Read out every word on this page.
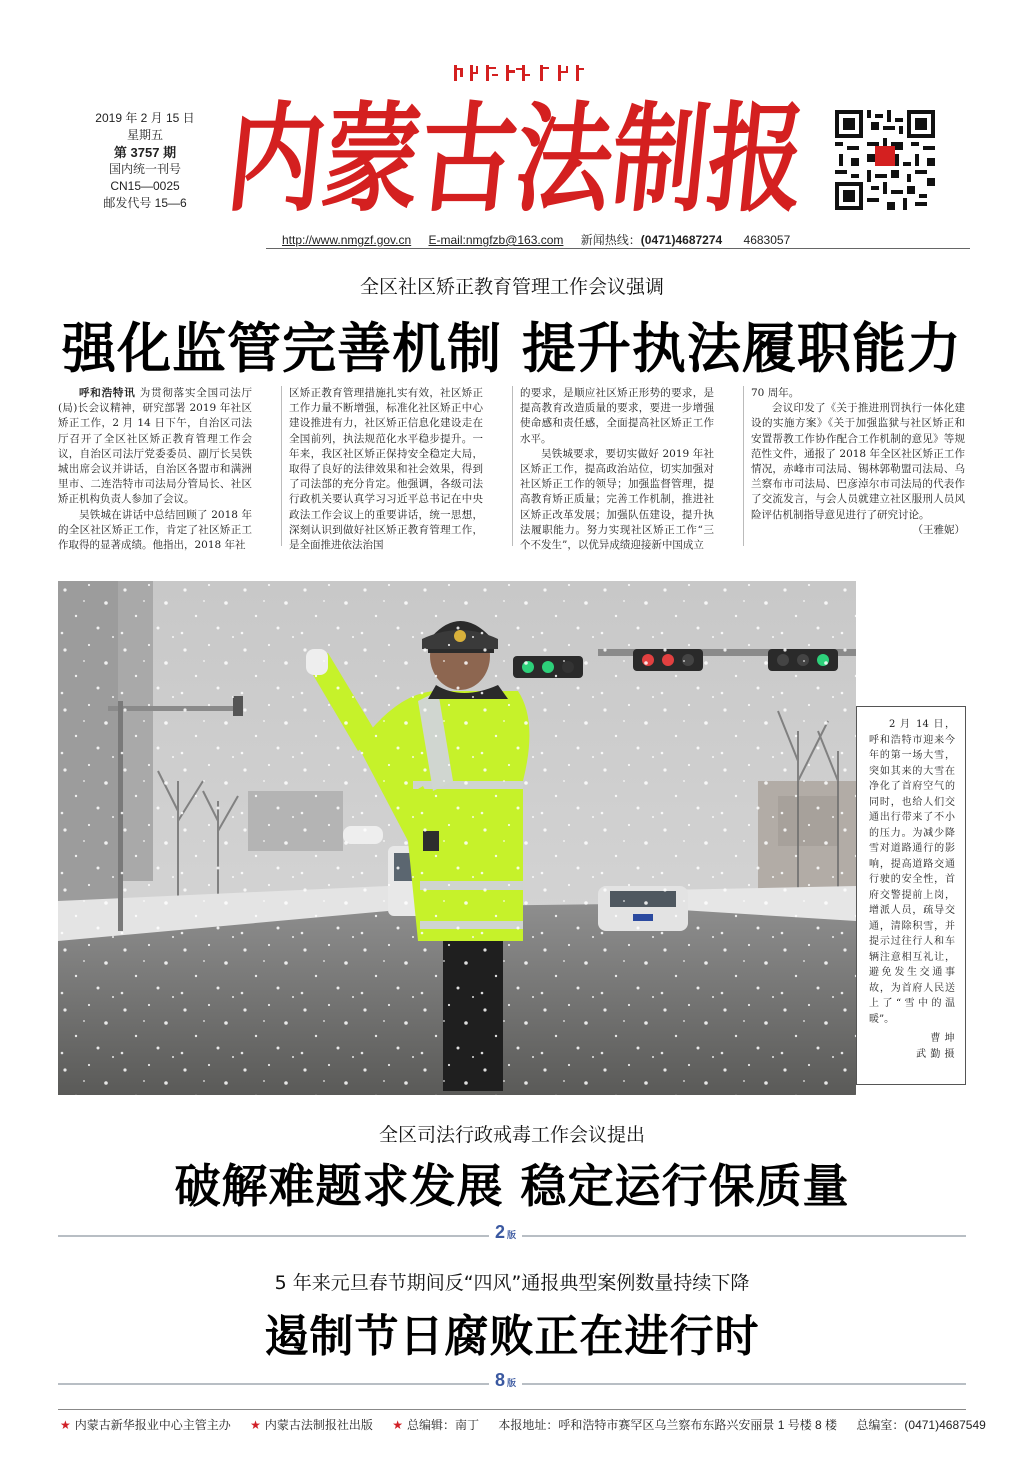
2019 年 2 月 15 日
星期五
第 3757 期
国内统一刊号
CN15—0025
邮发代号 15—6 内蒙古法制报
http://www.nmgzf.gov.cn E-mail:nmgfzb@163.com 新闻热线：(0471)4687274 4683057
全区社区矫正教育管理工作会议强调
强化监管完善机制 提升执法履职能力

呼和浩特讯 为贯彻落实全国司法厅(局)长会议精神，研究部署 2019 年社区矫正工作，2 月 14 日下午，自治区司法厅召开了全区社区矫正教育管理工作会议，自治区司法厅党委委员、副厅长吴铁城出席会议并讲话，自治区各盟市和满洲里市、二连浩特市司法局分管局长、社区矫正机构负责人参加了会议。

吴铁城在讲话中总结回顾了 2018 年的全区社区矫正工作，肯定了社区矫正工作取得的显著成绩。他指出，2018 年社

区矫正教育管理措施扎实有效，社区矫正工作力量不断增强，标准化社区矫正中心建设推进有力，社区矫正信息化建设走在全国前列，执法规范化水平稳步提升。一年来，我区社区矫正保持安全稳定大局，取得了良好的法律效果和社会效果，得到了司法部的充分肯定。他强调，各级司法行政机关要认真学习习近平总书记在中央政法工作会议上的重要讲话，统一思想，深刻认识到做好社区矫正教育管理工作，是全面推进依法治国

的要求，是顺应社区矫正形势的要求，是提高教育改造质量的要求，要进一步增强使命感和责任感，全面提高社区矫正工作水平。

吴铁城要求，要切实做好 2019 年社区矫正工作，提高政治站位，切实加强对社区矫正工作的领导；加强监督管理，提高教育矫正质量；完善工作机制，推进社区矫正改革发展；加强队伍建设，提升执法履职能力。努力实现社区矫正工作“三个不发生”，以优异成绩迎接新中国成立

70 周年。

会议印发了《关于推进刑罚执行一体化建设的实施方案》《关于加强监狱与社区矫正和安置帮教工作协作配合工作机制的意见》等规范性文件，通报了 2018 年全区社区矫正工作情况，赤峰市司法局、锡林郭勒盟司法局、乌兰察布市司法局、巴彦淖尔市司法局的代表作了交流发言，与会人员就建立社区服刑人员风险评估机制指导意见进行了研究讨论。

（王雅妮）

2 月 14 日，呼和浩特市迎来今年的第一场大雪，突如其来的大雪在净化了首府空气的同时，也给人们交通出行带来了不小的压力。为减少降雪对道路通行的影响，提高道路交通行驶的安全性，首府交警提前上岗，增派人员，疏导交通，清除积雪，并提示过往行人和车辆注意相互礼让，避免发生交通事故，为首府人民送上了“雪中的温暖”。

曹 坤
武 勤 摄
全区司法行政戒毒工作会议提出
破解难题求发展 稳定运行保质量
2 版
5 年来元旦春节期间反“四风”通报典型案例数量持续下降
遏制节日腐败正在进行时
8 版
★ 内蒙古新华报业中心主管主办 ★ 内蒙古法制报社出版 ★ 总编辑：南丁 本报地址：呼和浩特市赛罕区乌兰察布东路兴安丽景 1 号楼 8 楼 总编室：(0471)4687549
